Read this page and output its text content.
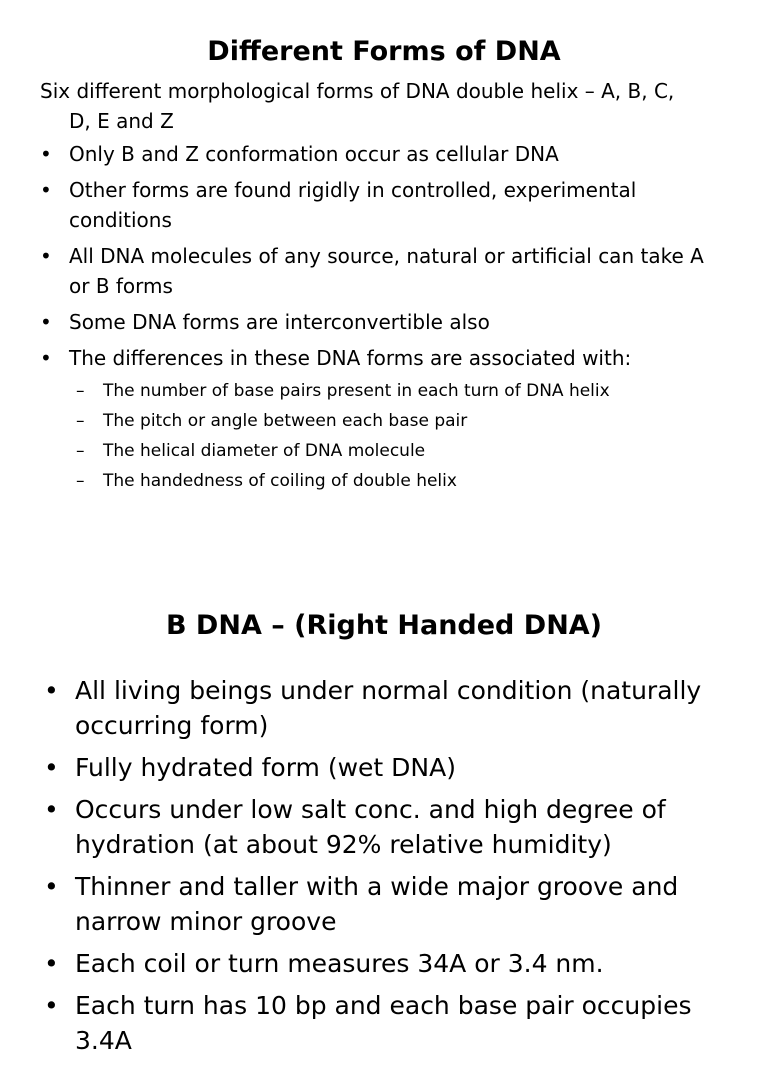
Different Forms of DNA
Six different morphological forms of DNA double helix – A, B, C,
D, E and Z
• Only B and Z conformation occur as cellular DNA
• Other forms are found rigidly in controlled, experimental conditions
• All DNA molecules of any source, natural or artificial can take A or B forms
• Some DNA forms are interconvertible also
• The differences in these DNA forms are associated with:
– The number of base pairs present in each turn of DNA helix
– The pitch or angle between each base pair
– The helical diameter of DNA molecule
– The handedness of coiling of double helix
B DNA – (Right Handed DNA)
• All living beings under normal condition (naturally occurring form)
• Fully hydrated form (wet DNA)
• Occurs under low salt conc. and high degree of hydration (at about 92% relative humidity)
• Thinner and taller with a wide major groove and narrow minor groove
• Each coil or turn measures 34A or 3.4 nm.
• Each turn has 10 bp and each base pair occupies 3.4A
